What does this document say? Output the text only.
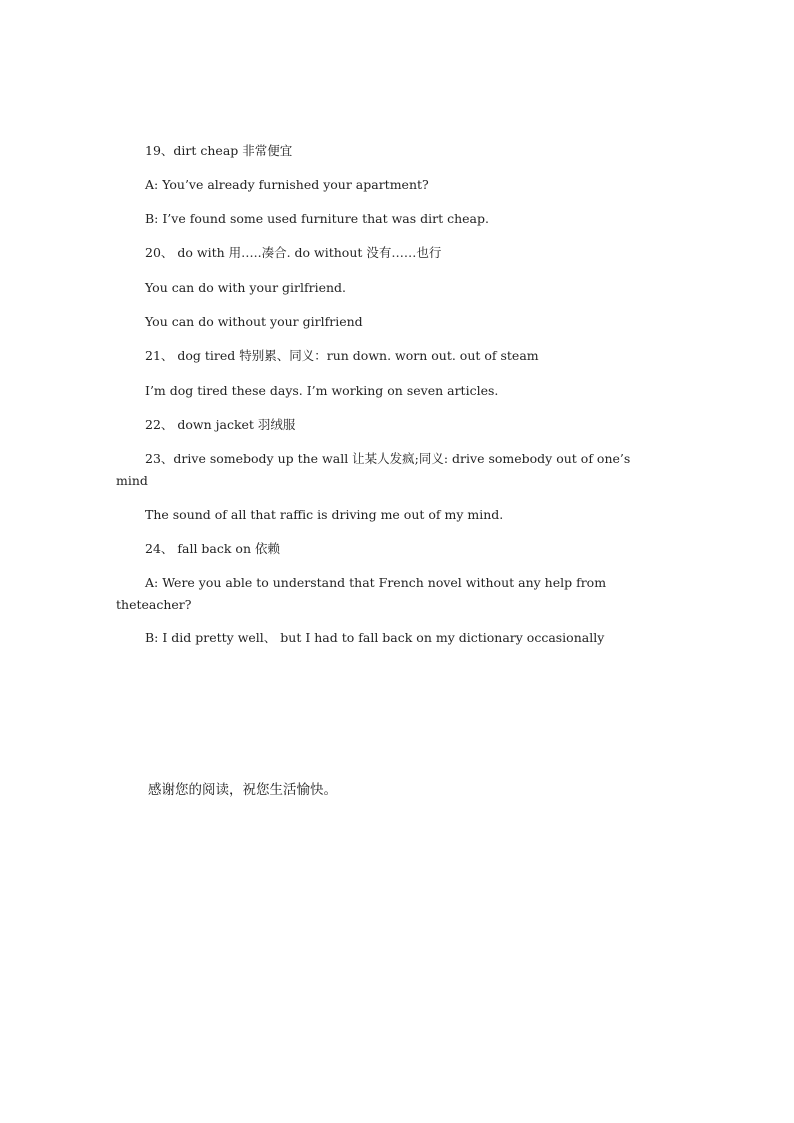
19、dirt cheap 非常便宜
A: You’ve already furnished your apartment?
B: I’ve found some used furniture that was dirt cheap.
20、 do with 用…..凑合. do without 没有……也行
You can do with your girlfriend.
You can do without your girlfriend
21、 dog tired 特别累、同义：run down. worn out. out of steam
I’m dog tired these days. I’m working on seven articles.
22、 down jacket 羽绒服
23、drive somebody up the wall 让某人发疯;同义: drive somebody out of one’s mind
The sound of all that raffic is driving me out of my mind.
24、 fall back on 依赖
A: Were you able to understand that French novel without any help from theteacher?
B: I did pretty well、 but I had to fall back on my dictionary occasionally
感谢您的阅读，祝您生活愉快。
